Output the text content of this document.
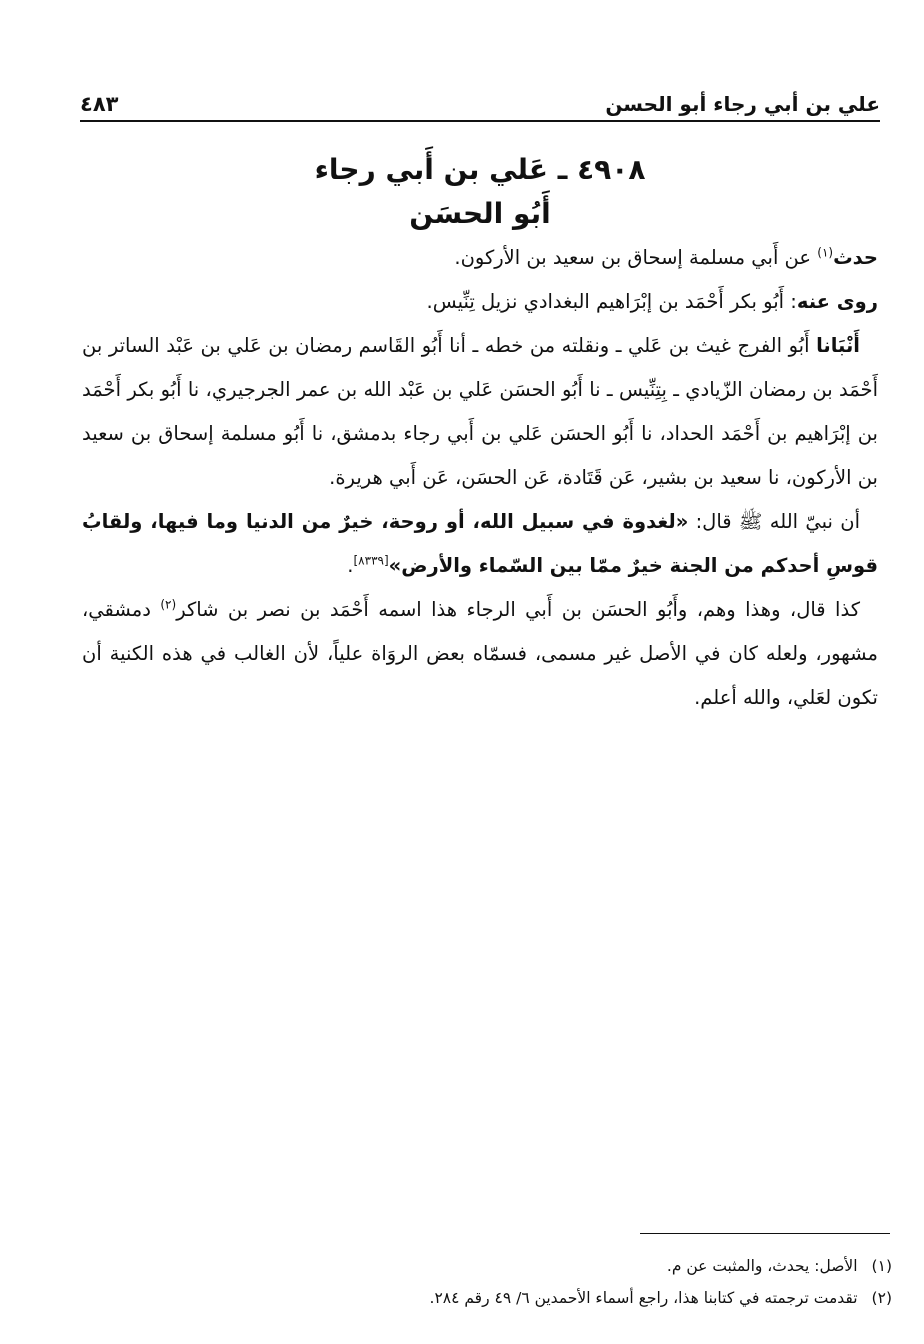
علي بن أبي رجاء أبو الحسن
٤٨٣
٤٩٠٨ ـ عَلي بن أَبي رجاء
أَبُو الحسَن

حدث$^{(١)}$ عن أَبي مسلمة إسحاق بن سعيد بن الأركون.

روى عنه: أَبُو بكر أَحْمَد بن إبْرَاهيم البغدادي نزيل تِنِّيس.

أَنْبَانا أَبُو الفرج غيث بن عَلي ـ ونقلته من خطه ـ أنا أَبُو القَاسم رمضان بن عَلي بن عَبْد الساتر بن أَحْمَد بن رمضان الزّيادي ـ بِتِنِّيس ـ نا أَبُو الحسَن عَلي بن عَبْد الله بن عمر الجرجيري، نا أَبُو بكر أَحْمَد بن إبْرَاهيم بن أَحْمَد الحداد، نا أَبُو الحسَن عَلي بن أَبي رجاء بدمشق، نا أَبُو مسلمة إسحاق بن سعيد بن الأركون، نا سعيد بن بشير، عَن قَتَادة، عَن الحسَن، عَن أَبي هريرة.

أن نبيّ الله ﷺ قال: «لغدوة في سبيل الله، أو روحة، خيرٌ من الدنيا وما فيها، ولقابُ قوسِ أحدكم من الجنة خيرٌ ممّا بين السّماء والأرض»[٨٣٣٩].

كذا قال، وهذا وهم، وأَبُو الحسَن بن أَبي الرجاء هذا اسمه أَحْمَد بن نصر بن شاكر$^{(٢)}$ دمشقي، مشهور، ولعله كان في الأصل غير مسمى، فسمّاه بعض الروَاة علياً، لأن الغالب في هذه الكنية أن تكون لعَلي، والله أعلم.

(١)الأصل: يحدث، والمثبت عن م.

(٢)تقدمت ترجمته في كتابنا هذا، راجع أسماء الأحمدين ٦/ ٤٩ رقم ٢٨٤.
